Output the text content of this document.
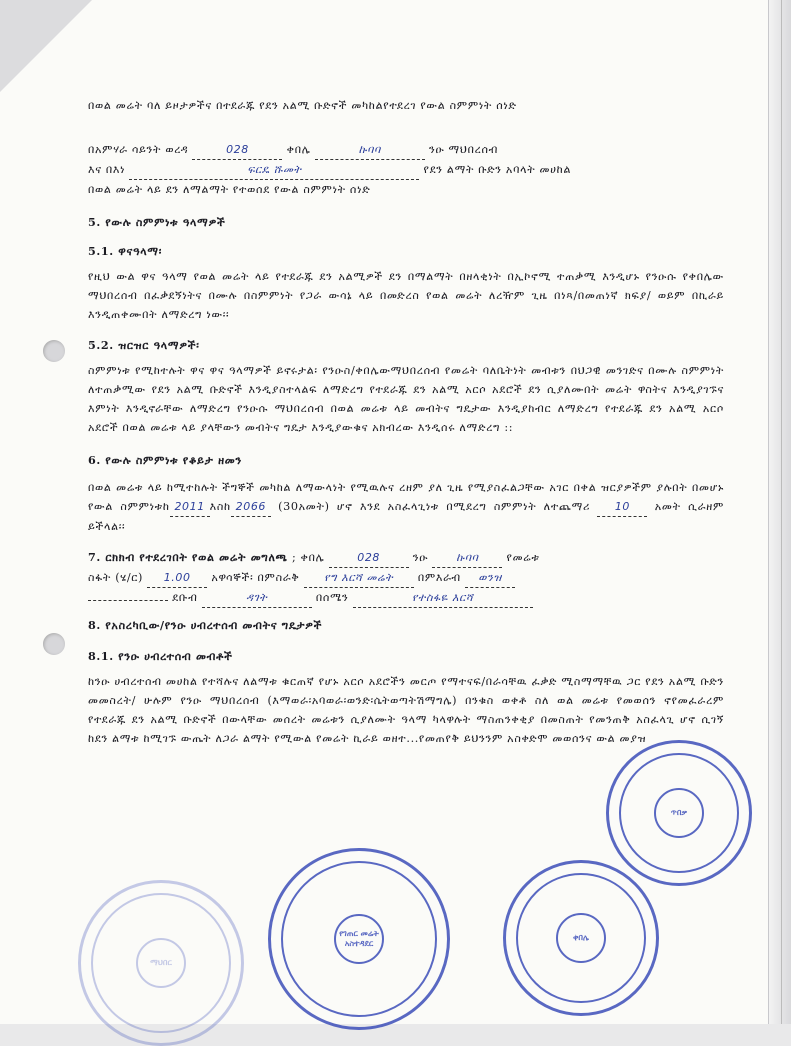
በወል መሬት ባለ ይዞታዎችና በተደራጁ የደን አልሚ ቡድኖች መካከልየተደረገ የውል ስምምነት ሰነድ

በአምሃራ ሳይንት ወረዳ	028	ቀበሌ	ኩባባ	ንዑ ማህበረሰብ

እና በእነ	ፍርዴ ሹመት	የደን ልማት ቡድን አባላት መሀከል

በወል መሬት ላይ ደን ለማልማት የተወሰደ የውል ስምምነት ሰነድ

5. የውሉ ስምምነቱ ዓላማዎች

5.1. ዋናዓላማ፡

የዚህ ውል ዋና ዓላማ የወል መሬት ላይ የተደራጁ ደን አልሚዎች ደን በማልማት በዘላቂነት በኢኮኖሚ ተጠቃሚ እንዲሆኑ የንዑሱ የቀበሌው ማህበረሰብ በፈቃደኝነትና በሙሉ በስምምነት የጋራ ውሳኔ ላይ በመድረስ የወል መሬት ለረዥም ጊዜ በነጻ/በመጠነኛ ክፍያ/ ወይም በኪራይ እንዲጠቀሙበት ለማድረግ ነው፡፡

5.2. ዝርዝር ዓላማዎች፡

ስምምነቱ የሚከተሉት ዋና ዋና ዓላማዎች ይኖሩታል፡ የንዑስ/ቀበሌውማህበረሰብ የመሬት ባለቤትነት መብቱን በህጋዊ መንገድና በሙሉ ስምምነት ለተጠቃሚው የደን አልሚ ቡድኖች እንዲያስተላልፍ ለማድረግ የተደራጁ ደን አልሚ አርሶ አደሮች ደን ሲያለሙበት መሬት ዋስትና እንዲያገኙና እምነት እንዲኖራቸው ለማድረግ የንዑሱ ማህበረሰብ በወል መሬቱ ላይ መብትና ግዴታው እንዲያከብር ለማድረግ የተደራጁ ደን አልሚ አርሶ አደሮች በወል መሬቱ ላይ ያላቸውን መብትና ግዴታ እንዲያውቁና አክብረው እንዲሰሩ ለማድረግ ::

6. የውሉ ስምምነቱ የቆይታ ዘመን

በወል መሬቱ ላይ ከሚተከሉት ችግኞች መካከል ለማውላነት የሚዉሉና ረዘም ያለ ጊዜ የሚያስፈልጋቸው አገር በቀል ዝርያዎችም ያሉበት በመሆኑ የውል ስምምነቱከ 2011 እስከ 2066 (30አመት) ሆኖ እንደ አስፈላጊነቱ በሚደረግ ስምምነት ለተጨማሪ 10 አመት ሲራዘም ይችላል፡፡

7. ርክክብ የተደረገበት የወል መሬት መግለጫ ; ቀበሌ	028	ንዑ	ኩባባ	የመሬቱ

ስፋት (ሄ/ር) 1.00 አዋሳኞች፡ በምስራቅ የግ እርሻ መሬት በምእራብ ወንዝ

ደቡብ	ዳገት	በሰሜን	የተስፋዬ እርሻ

8. የአስረካቢው/የንዑ ሀብረተሰብ መብትና ግዴታዎች

8.1. የንዑ ሀብረተሰብ መብቶች

ከንዑ ሀብረተሰብ መሀከል የተሻሉና ለልማቱ ቁርጠኛ የሆኑ አርሶ አደሮችን መርጦ የማተናፍ/በራሳቸዉ ፈቃድ ሚስማማቸዉ ጋር የደን አልሚ ቡድን መመስረት/ ሁሉም የንዑ ማህበረሰብ (እማወራ፡አባወራ፡ወንድ፡ሴትወጣትሽማግሌ) በንቁስ ወቀቶ ስለ ወል መሬቱ የመወሰን ኖየመፈራረም የተደራጁ ደን አልሚ ቡድኖች በውላቸው መሰረት መሬቱን ሲያለሙት ዓላማ ካላዋሉት ማስጠንቀቂያ በመስጠት የመንጠቅ አስፈላጊ ሆኖ ሲገኝ ከደን ልማቱ ከሚገኙ ውጤት ለጋራ ልማት የሚውል የመሬት ኪራይ ወዘተ...የመጠየቅ ይህንንም አስቀድሞ መወሰንና ውል መያዝ

ማህበር
የገጠር መሬት አስተዳደር
ቀበሌ
ጥበቃ
